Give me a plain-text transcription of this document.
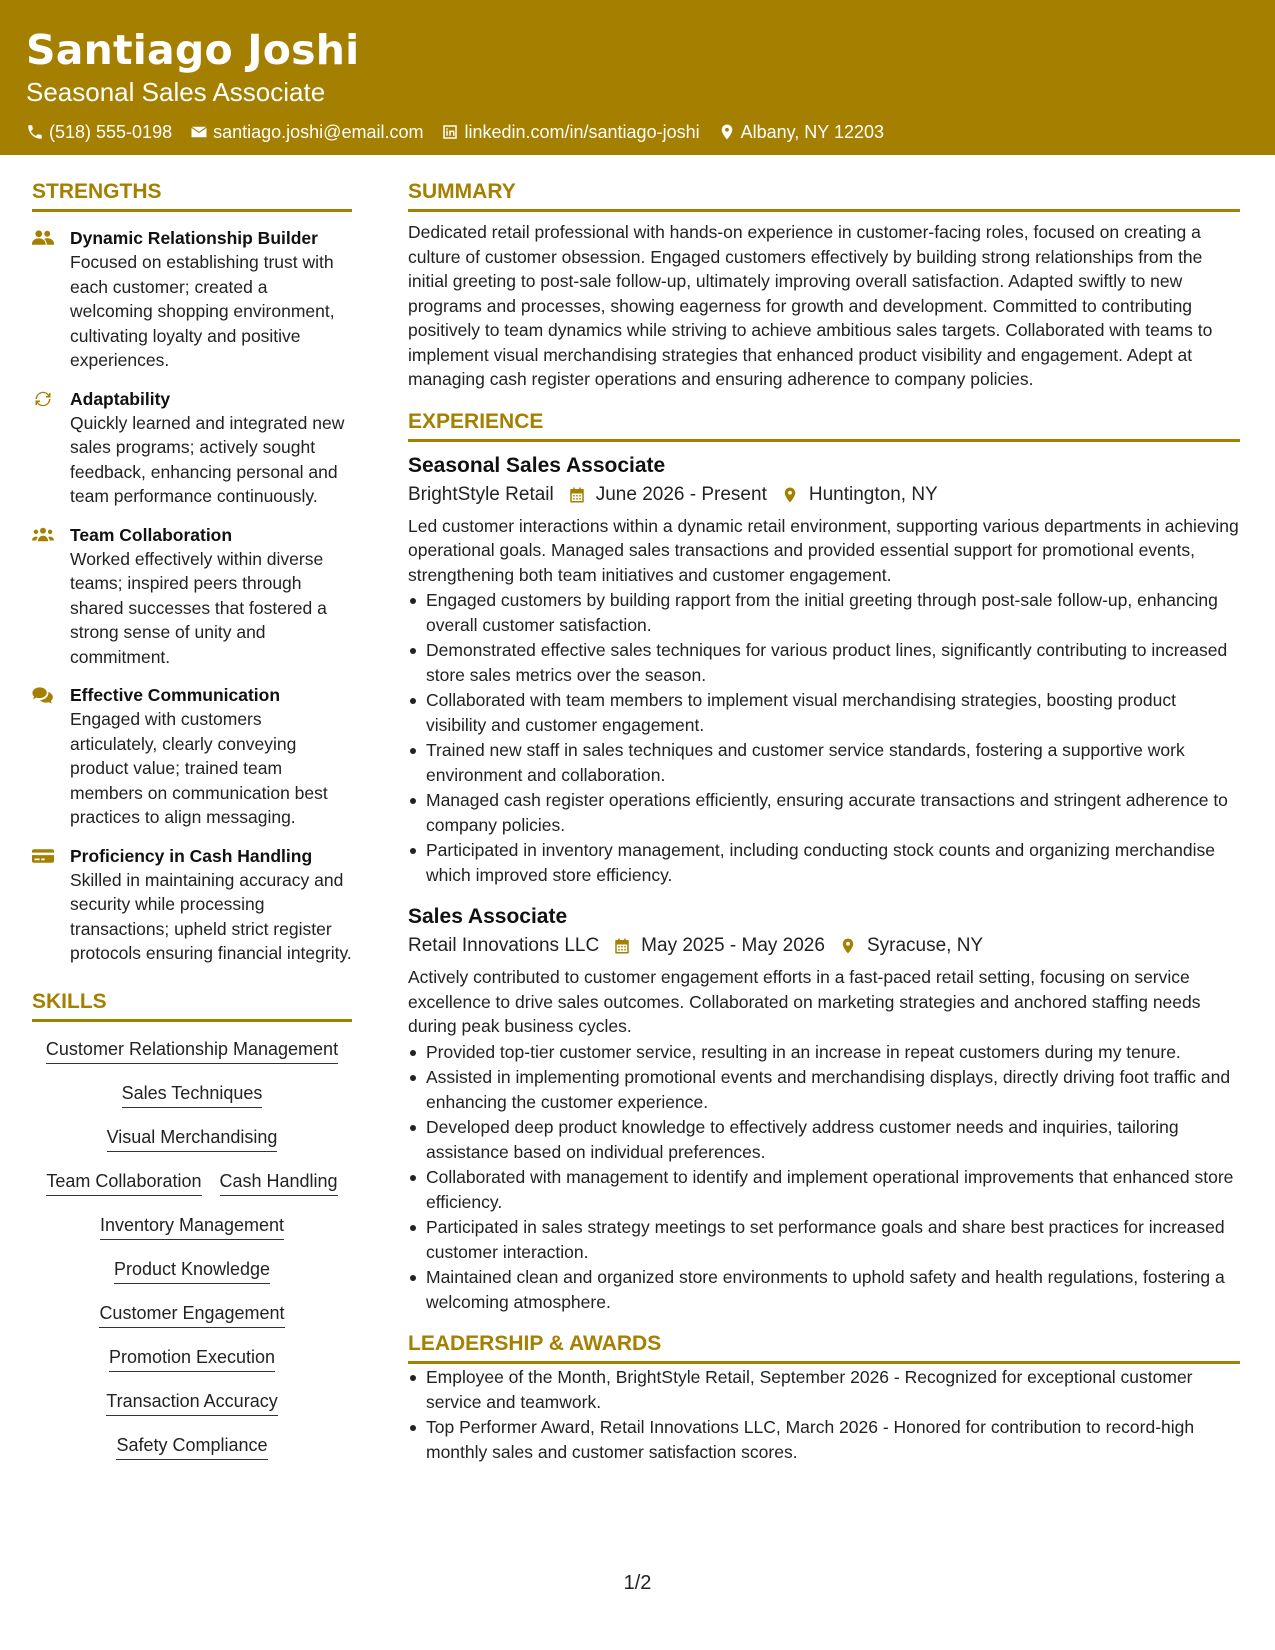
Santiago Joshi
Seasonal Sales Associate
(518) 555-0198 santiago.joshi@email.com linkedin.com/in/santiago-joshi Albany, NY 12203
STRENGTHS
Dynamic Relationship Builder
Focused on establishing trust with each customer; created a welcoming shopping environment, cultivating loyalty and positive experiences.
Adaptability
Quickly learned and integrated new sales programs; actively sought feedback, enhancing personal and team performance continuously.
Team Collaboration
Worked effectively within diverse teams; inspired peers through shared successes that fostered a strong sense of unity and commitment.
Effective Communication
Engaged with customers articulately, clearly conveying product value; trained team members on communication best practices to align messaging.
Proficiency in Cash Handling
Skilled in maintaining accuracy and security while processing transactions; upheld strict register protocols ensuring financial integrity.
SKILLS
Customer Relationship Management
Sales Techniques
Visual Merchandising
Team Collaboration Cash Handling
Inventory Management
Product Knowledge
Customer Engagement
Promotion Execution
Transaction Accuracy
Safety Compliance
SUMMARY

Dedicated retail professional with hands-on experience in customer-facing roles, focused on creating a culture of customer obsession. Engaged customers effectively by building strong relationships from the initial greeting to post-sale follow-up, ultimately improving overall satisfaction. Adapted swiftly to new programs and processes, showing eagerness for growth and development. Committed to contributing positively to team dynamics while striving to achieve ambitious sales targets. Collaborated with teams to implement visual merchandising strategies that enhanced product visibility and engagement. Adept at managing cash register operations and ensuring adherence to company policies.

EXPERIENCE
Seasonal Sales Associate
BrightStyle Retail June 2026 - Present Huntington, NY

Led customer interactions within a dynamic retail environment, supporting various departments in achieving operational goals. Managed sales transactions and provided essential support for promotional events, strengthening both team initiatives and customer engagement.

Engaged customers by building rapport from the initial greeting through post-sale follow-up, enhancing overall customer satisfaction.
Demonstrated effective sales techniques for various product lines, significantly contributing to increased store sales metrics over the season.
Collaborated with team members to implement visual merchandising strategies, boosting product visibility and customer engagement.
Trained new staff in sales techniques and customer service standards, fostering a supportive work environment and collaboration.
Managed cash register operations efficiently, ensuring accurate transactions and stringent adherence to company policies.
Participated in inventory management, including conducting stock counts and organizing merchandise which improved store efficiency.
Sales Associate
Retail Innovations LLC May 2025 - May 2026 Syracuse, NY

Actively contributed to customer engagement efforts in a fast-paced retail setting, focusing on service excellence to drive sales outcomes. Collaborated on marketing strategies and anchored staffing needs during peak business cycles.

Provided top-tier customer service, resulting in an increase in repeat customers during my tenure.
Assisted in implementing promotional events and merchandising displays, directly driving foot traffic and enhancing the customer experience.
Developed deep product knowledge to effectively address customer needs and inquiries, tailoring assistance based on individual preferences.
Collaborated with management to identify and implement operational improvements that enhanced store efficiency.
Participated in sales strategy meetings to set performance goals and share best practices for increased customer interaction.
Maintained clean and organized store environments to uphold safety and health regulations, fostering a welcoming atmosphere.
LEADERSHIP & AWARDS
Employee of the Month, BrightStyle Retail, September 2026 - Recognized for exceptional customer service and teamwork.
Top Performer Award, Retail Innovations LLC, March 2026 - Honored for contribution to record-high monthly sales and customer satisfaction scores.
1/2
